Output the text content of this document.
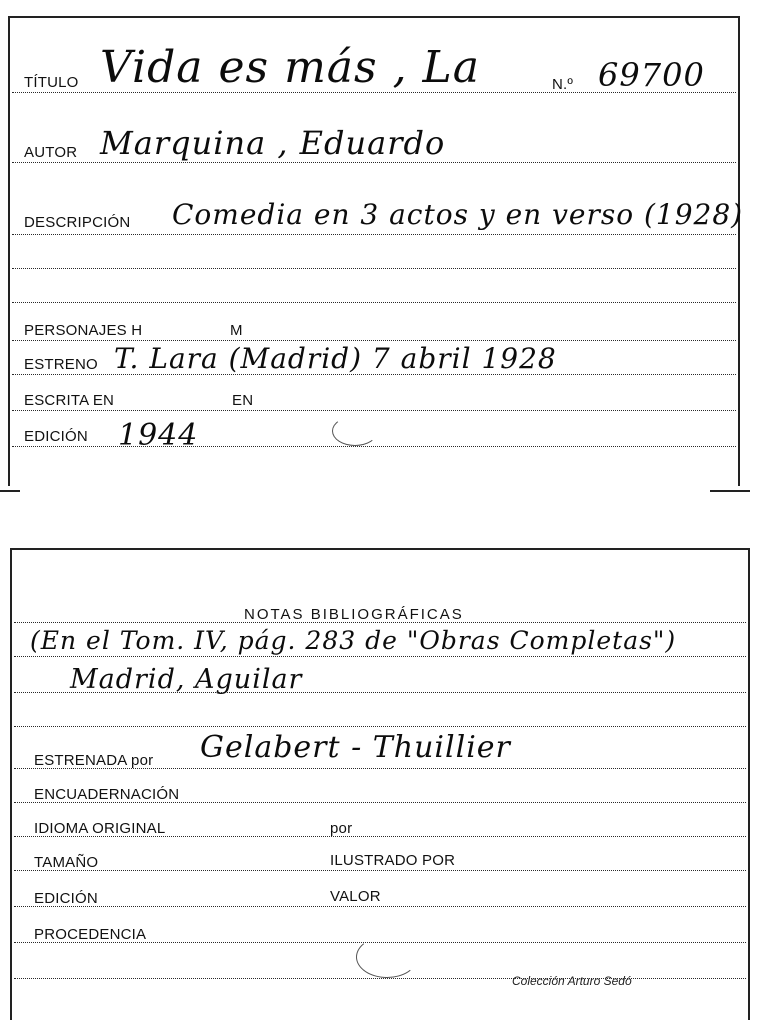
TÍTULO Vida es más , La	N.º 69700
AUTOR Marquina , Eduardo
DESCRIPCIÓN Comedia en 3 actos y en verso (1928)
PERSONAJES H	M
ESTRENO T. Lara (Madrid) 7 abril 1928
ESCRITA EN	EN
EDICIÓN 1944
NOTAS BIBLIOGRÁFICAS
(En el Tom. IV, pág. 283 de "Obras Completas")
Madrid, Aguilar
ESTRENADA por Gelabert - Thuillier
ENCUADERNACIÓN
IDIOMA ORIGINAL	por
TAMAÑO	ILUSTRADO POR
EDICIÓN	VALOR
PROCEDENCIA
Colección Arturo Sedó
